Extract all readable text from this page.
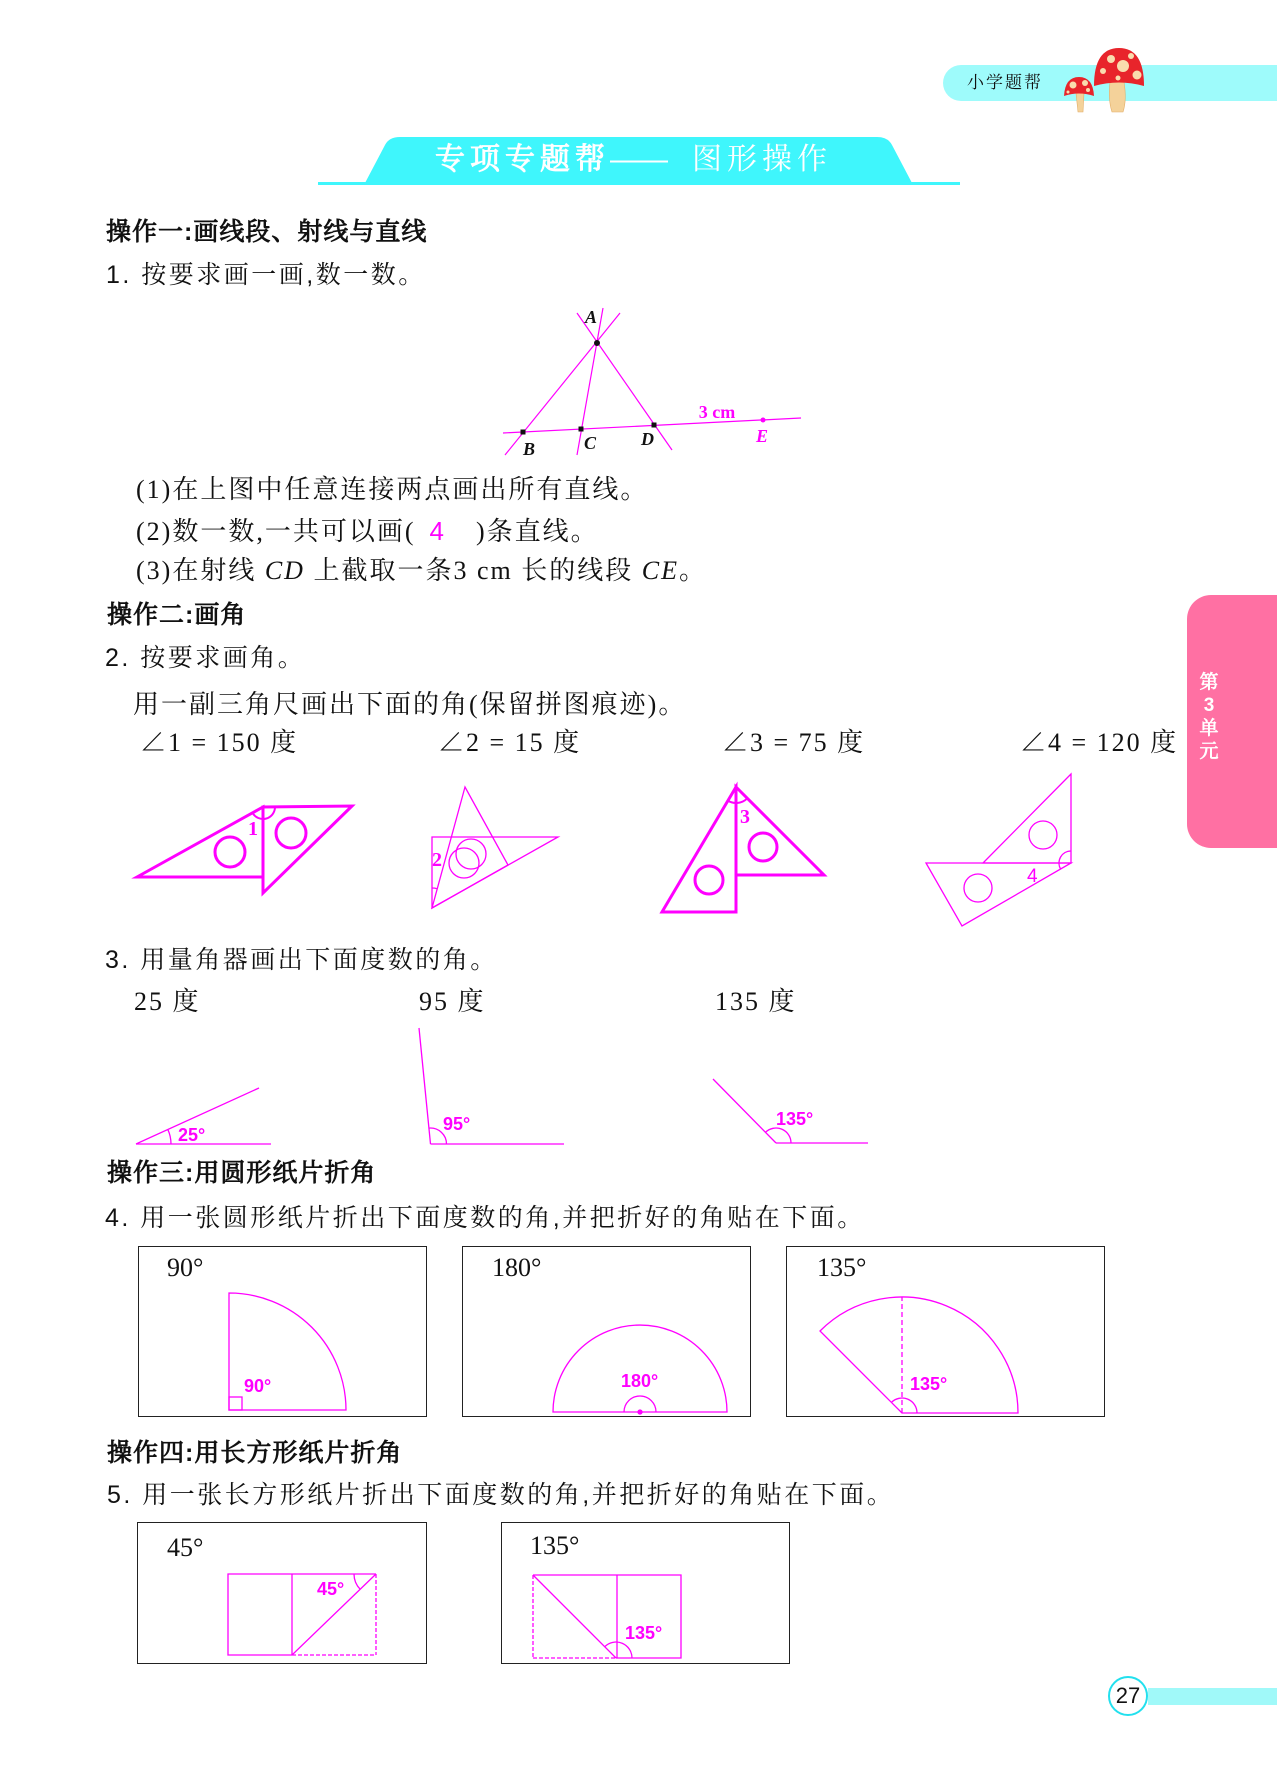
小学题帮
专项专题帮—— 图形操作
第
3
单
元
操作一:画线段、射线与直线
1. 按要求画一画,数一数。
(1)在上图中任意连接两点画出所有直线。
(2)数一数,一共可以画( 4 )条直线。
(3)在射线 CD 上截取一条3 cm 长的线段 CE。
操作二:画角
2. 按要求画角。
用一副三角尺画出下面的角(保留拼图痕迹)。
∠1 = 150 度	∠2 = 15 度	∠3 = 75 度	∠4 = 120 度
3. 用量角器画出下面度数的角。
25 度	95 度	135 度
操作三:用圆形纸片折角
4. 用一张圆形纸片折出下面度数的角,并把折好的角贴在下面。
90°	180°	135°
操作四:用长方形纸片折角
5. 用一张长方形纸片折出下面度数的角,并把折好的角贴在下面。
45°	135°
27
A
B	C D	E
3 cm
1
2
3
4
25°
95°	135°
90°	180°	135°
45°
135°
